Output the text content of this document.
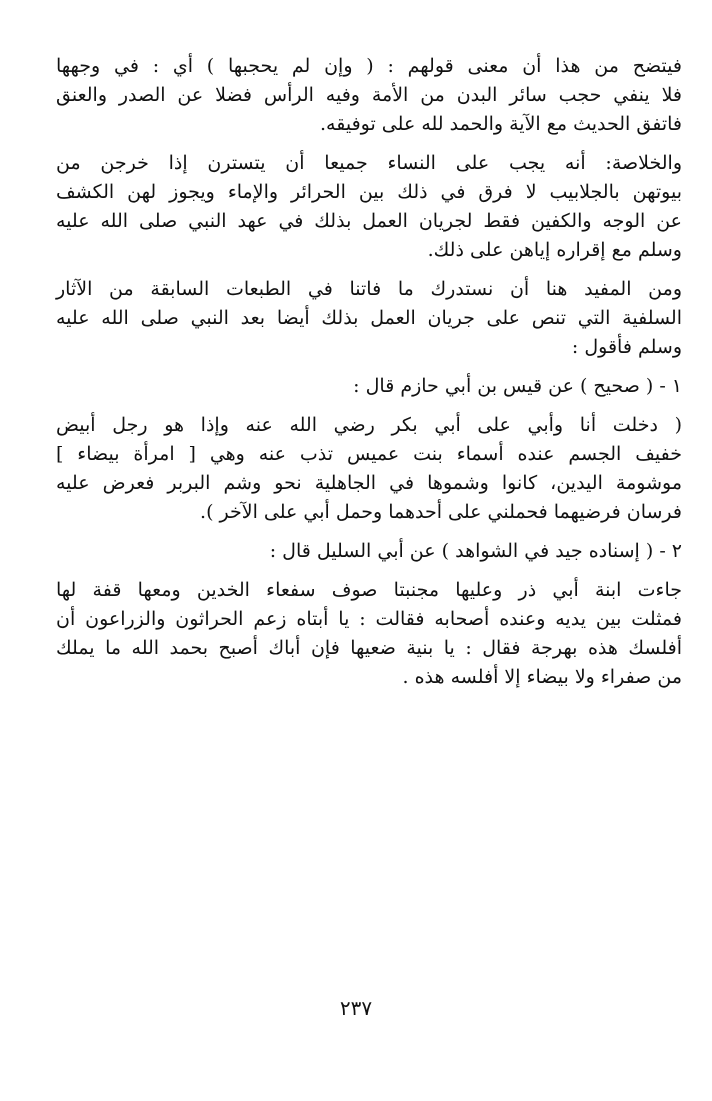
فيتضح من هذا أن معنى قولهم : ( وإن لم يحجبها ) أي : في وجهها
فلا ينفي حجب سائر البدن من الأمة وفيه الرأس فضلا عن الصدر والعنق
فاتفق الحديث مع الآية والحمد لله على توفيقه.
والخلاصة: أنه يجب على النساء جميعا أن يتسترن إذا خرجن من
بيوتهن بالجلابيب لا فرق في ذلك بين الحرائر والإماء ويجوز لهن الكشف
عن الوجه والكفين فقط لجريان العمل بذلك في عهد النبي صلى الله عليه
وسلم مع إقراره إياهن على ذلك.
ومن المفيد هنا أن نستدرك ما فاتنا في الطبعات السابقة من الآثار
السلفية التي تنص على جريان العمل بذلك أيضا بعد النبي صلى الله عليه
وسلم فأقول :
١ - ( صحيح ) عن قيس بن أبي حازم قال :
( دخلت أنا وأبي على أبي بكر رضي الله عنه وإذا هو رجل أبيض
خفيف الجسم عنده أسماء بنت عميس تذب عنه وهي [ امرأة بيضاء ]
موشومة اليدين، كانوا وشموها في الجاهلية نحو وشم البربر فعرض عليه
فرسان فرضيهما فحملني على أحدهما وحمل أبي على الآخر ).
٢ - ( إسناده جيد في الشواهد ) عن أبي السليل قال :
جاءت ابنة أبي ذر وعليها مجنبتا صوف سفعاء الخدين ومعها قفة لها
فمثلت بين يديه وعنده أصحابه فقالت : يا أبتاه زعم الحراثون والزراعون أن
أفلسك هذه بهرجة فقال : يا بنية ضعيها فإن أباك أصبح بحمد الله ما يملك
من صفراء ولا بيضاء إلا أفلسه هذه .
٢٣٧
